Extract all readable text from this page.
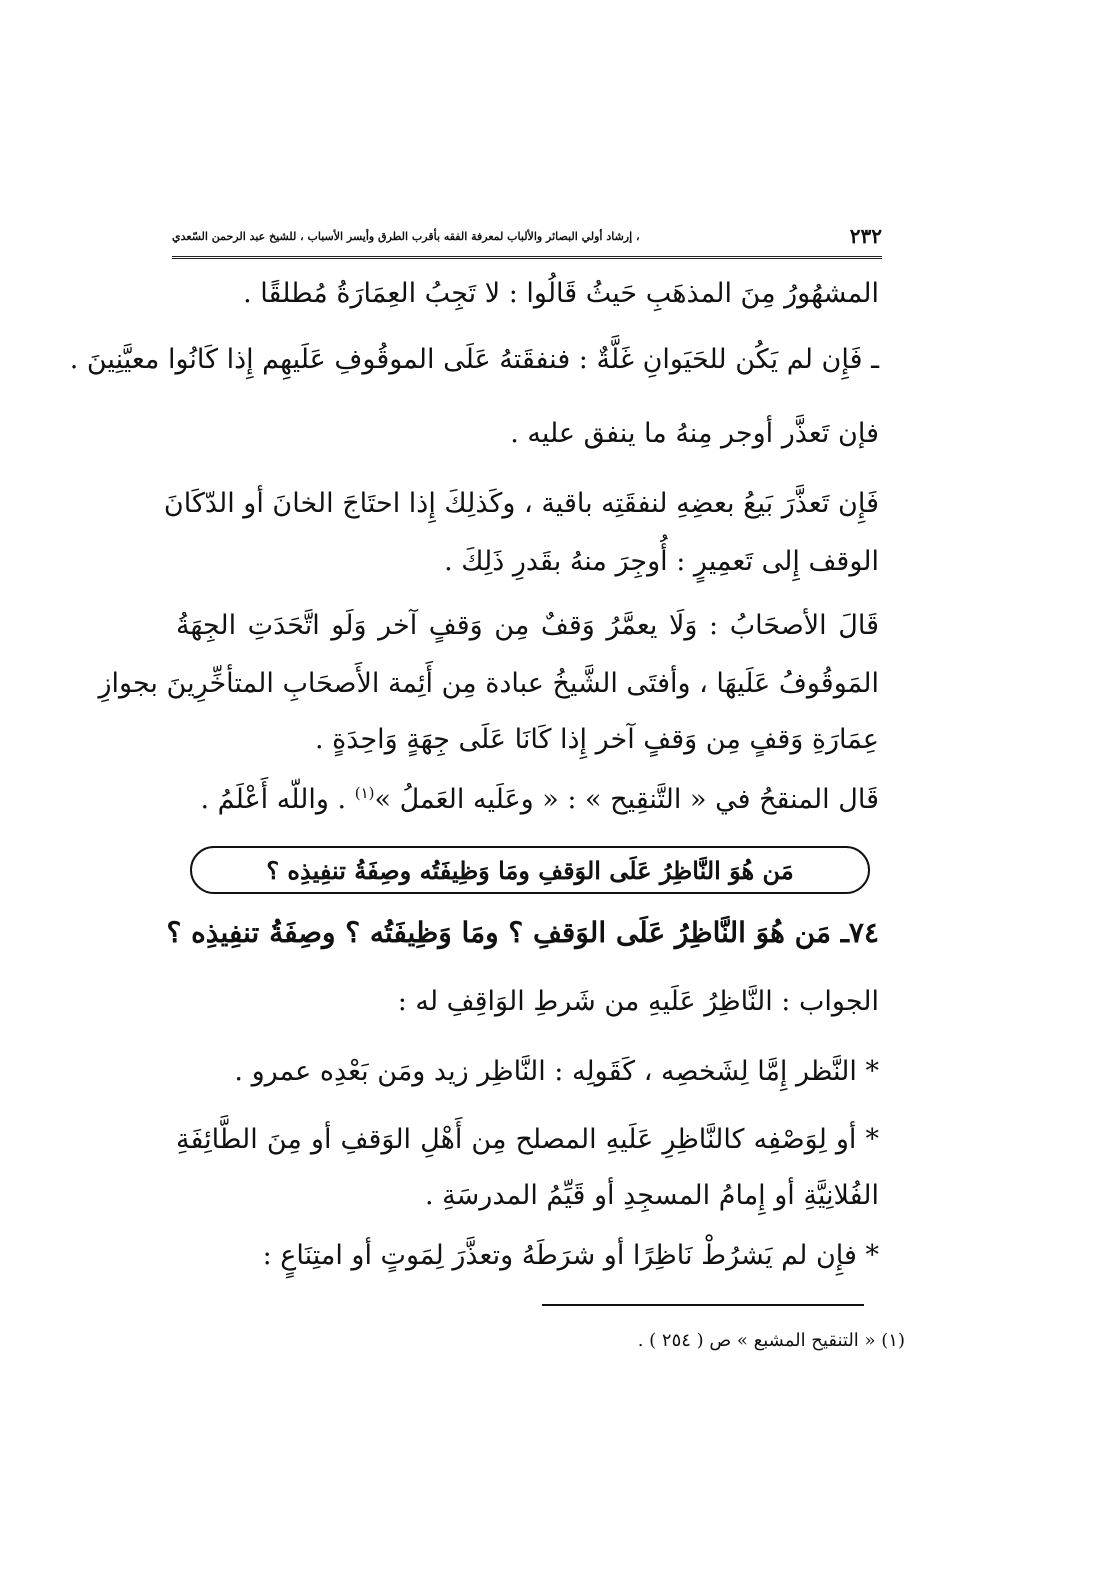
٢٣٢
، إرشاد أولي البصائر والألباب لمعرفة الفقه بأقرب الطرق وأيسر الأسباب ، للشيخ عبد الرحمن السّعدي
المشهُورُ مِنَ المذهَبِ حَيثُ قَالُوا : لا تَجِبُ العِمَارَةُ مُطلقًا .
ـ فَإِن لم يَكُن للحَيَوانِ غَلَّةٌ : فنفقَتهُ عَلَى الموقُوفِ عَلَيهِم إِذا كَانُوا معيَّنِينَ .
فإن تَعذَّر أوجر مِنهُ ما ينفق عليه .
فَإِن تَعذَّرَ بَيعُ بعضِهِ لنفقَتِه باقية ، وكَذلِكَ إِذا احتَاجَ الخانَ أو الدّكَانَ
الوقف إِلى تَعمِيرٍ : أُوجِرَ منهُ بقَدرِ ذَلِكَ .
قَالَ الأصحَابُ : وَلَا يعمَّرُ وَقفٌ مِن وَقفٍ آخر وَلَو اتَّحَدَتِ الجِهَةُ
المَوقُوفُ عَلَيهَا ، وأفتَى الشَّيخُ عبادة مِن أَئِمة الأَصحَابِ المتأخِّرِينَ بجوازِ
عِمَارَةِ وَقفٍ مِن وَقفٍ آخر إِذا كَانَا عَلَى جِهَةٍ وَاحِدَةٍ .
قَال المنقحُ في « التَّنقِيح » : « وعَلَيه العَملُ »$^{(١)}$ . واللّه أَعْلَمُ .
مَن هُوَ النَّاظِرُ عَلَى الوَقفِ ومَا وَظِيفَتُه وصِفَةُ تنفِيذِه ؟
٧٤ـ مَن هُوَ النَّاظِرُ عَلَى الوَقفِ ؟ ومَا وَظِيفَتُه ؟ وصِفَةُ تنفِيذِه ؟
الجواب : النَّاظِرُ عَلَيهِ من شَرطِ الوَاقِفِ له :
* النَّظر إِمَّا لِشَخصِه ، كَقَولِه : النَّاظِر زيد ومَن بَعْدِه عمرو .
* أو لِوَصْفِه كالنَّاظِرِ عَلَيهِ المصلح مِن أَهْلِ الوَقفِ أو مِنَ الطَّائِفَةِ
الفُلانِيَّةِ أو إِمامُ المسجِدِ أو قَيِّمُ المدرسَةِ .
* فإِن لم يَشرُطْ نَاظِرًا أو شرَطَهُ وتعذَّرَ لِمَوتٍ أو امتِنَاعٍ :
(١) « التنقيح المشبع » ص ( ٢٥٤ ) .
